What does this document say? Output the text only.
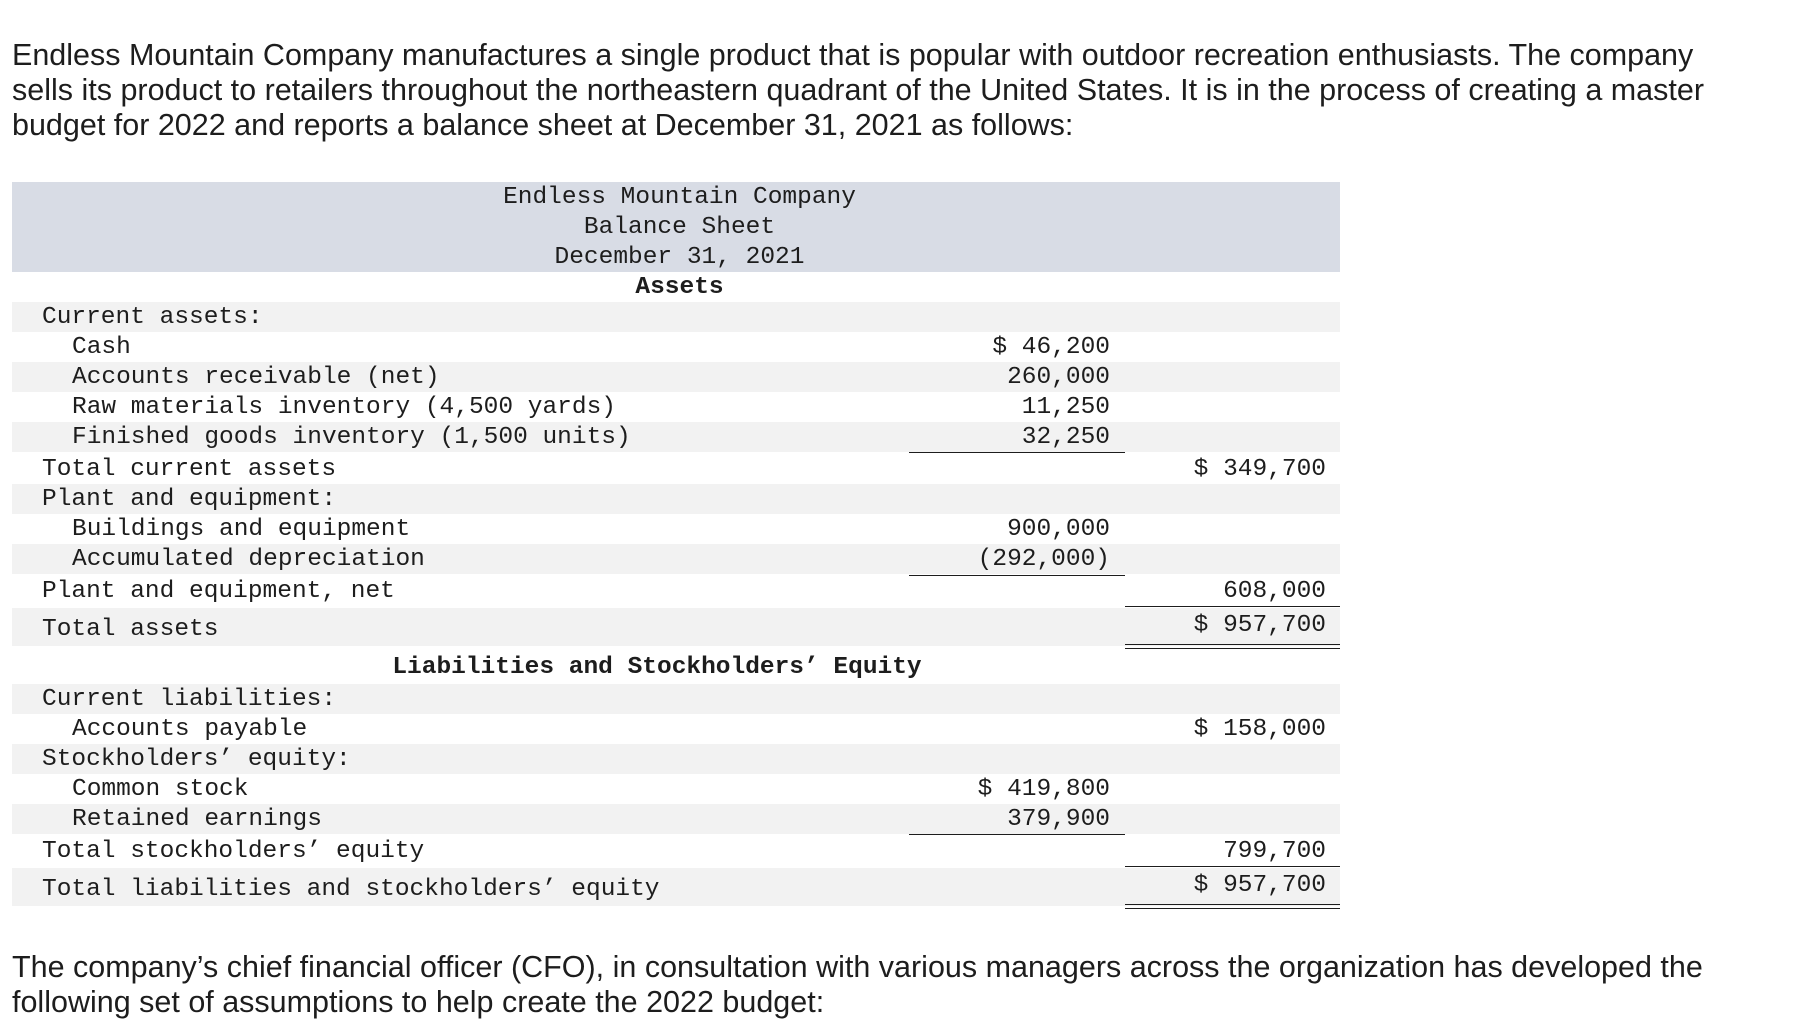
Endless Mountain Company manufactures a single product that is popular with outdoor recreation enthusiasts. The company sells its product to retailers throughout the northeastern quadrant of the United States. It is in the process of creating a master budget for 2022 and reports a balance sheet at December 31, 2021 as follows:

Endless Mountain Company
Balance Sheet
December 31, 2021
Assets
Current assets:
Cash	$ 46,200
Accounts receivable (net)	260,000
Raw materials inventory (4,500 yards)	11,250
Finished goods inventory (1,500 units)	32,250
Total current assets	$ 349,700
Plant and equipment:
Buildings and equipment	900,000
Accumulated depreciation	(292,000)
Plant and equipment, net	608,000
Total assets	$ 957,700
Liabilities and Stockholders’ Equity
Current liabilities:
Accounts payable	$ 158,000
Stockholders’ equity:
Common stock	$ 419,800
Retained earnings	379,900
Total stockholders’ equity	799,700
Total liabilities and stockholders’ equity	$ 957,700

The company’s chief financial officer (CFO), in consultation with various managers across the organization has developed the following set of assumptions to help create the 2022 budget:
